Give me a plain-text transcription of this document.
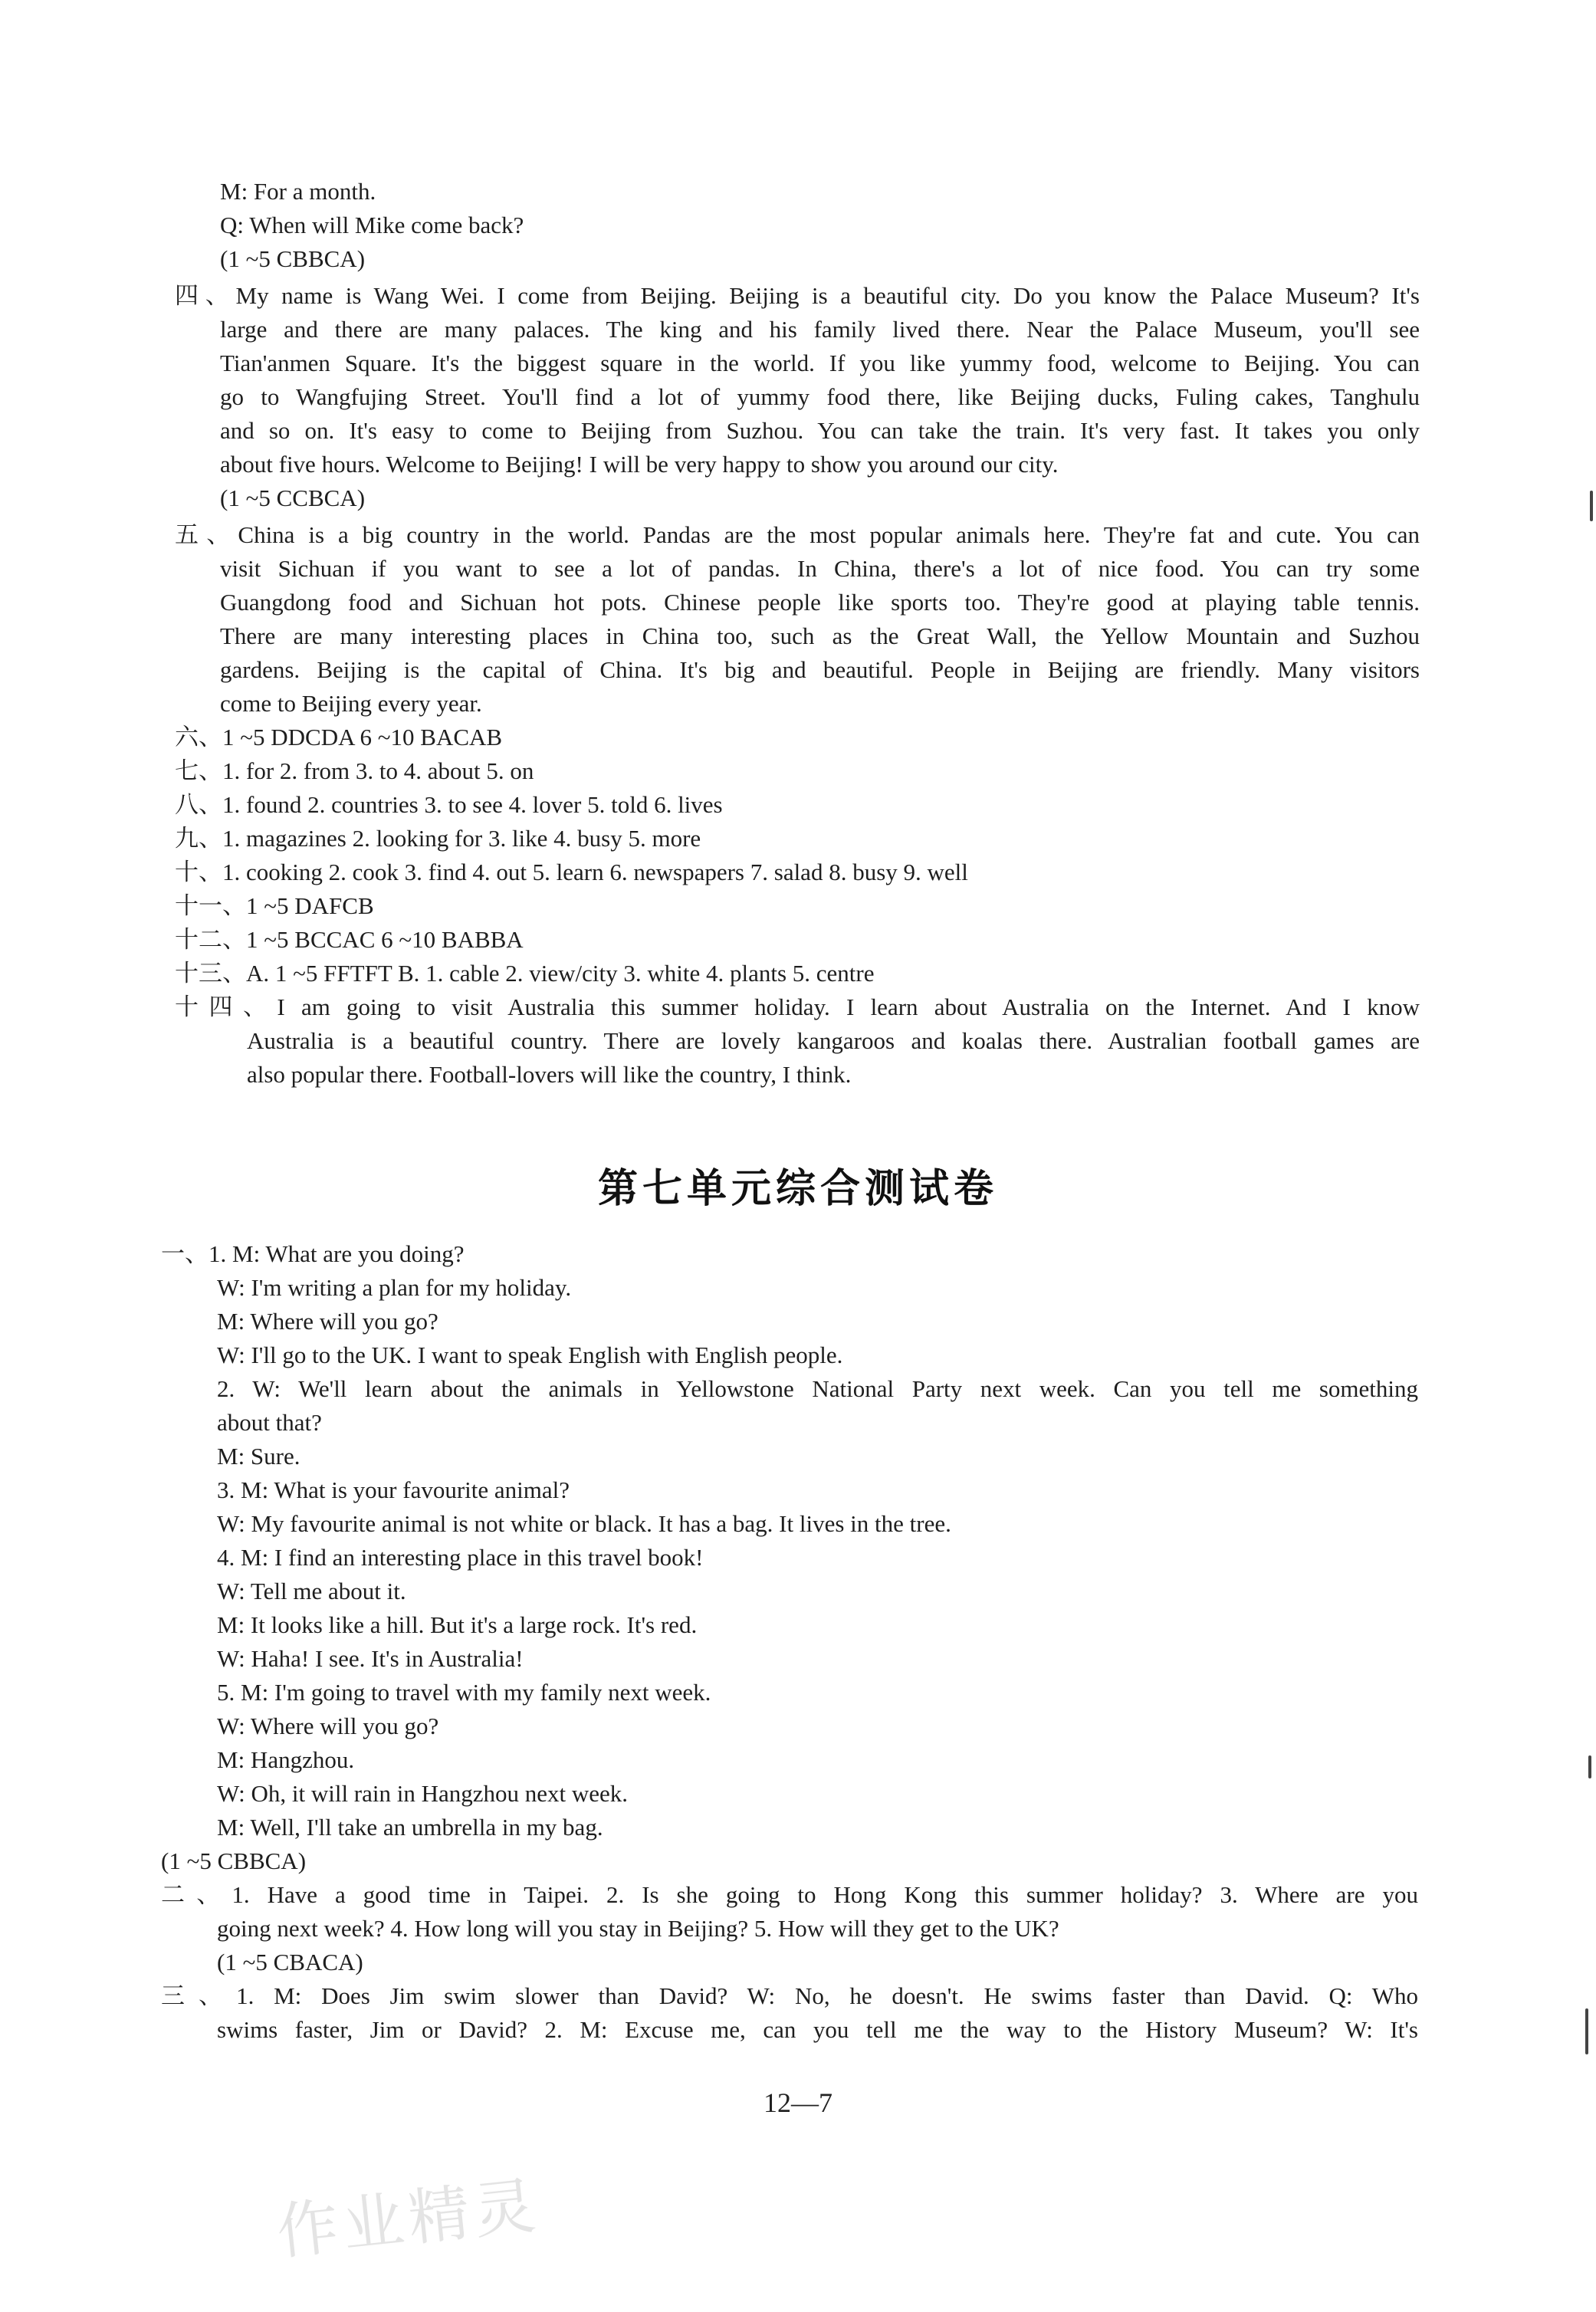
M: For a month.
Q: When will Mike come back?
(1 ~5 CBBCA)
四、My name is Wang Wei. I come from Beijing. Beijing is a beautiful city. Do you know the Palace Museum? It's
large and there are many palaces. The king and his family lived there. Near the Palace Museum, you'll see
Tian'anmen Square. It's the biggest square in the world. If you like yummy food, welcome to Beijing. You can
go to Wangfujing Street. You'll find a lot of yummy food there, like Beijing ducks, Fuling cakes, Tanghulu
and so on. It's easy to come to Beijing from Suzhou. You can take the train. It's very fast. It takes you only
about five hours. Welcome to Beijing! I will be very happy to show you around our city.
(1 ~5 CCBCA)
五、China is a big country in the world. Pandas are the most popular animals here. They're fat and cute. You can
visit Sichuan if you want to see a lot of pandas. In China, there's a lot of nice food. You can try some
Guangdong food and Sichuan hot pots. Chinese people like sports too. They're good at playing table tennis.
There are many interesting places in China too, such as the Great Wall, the Yellow Mountain and Suzhou
gardens. Beijing is the capital of China. It's big and beautiful. People in Beijing are friendly. Many visitors
come to Beijing every year.
六、1 ~5 DDCDA 6 ~10 BACAB
七、1. for 2. from 3. to 4. about 5. on
八、1. found 2. countries 3. to see 4. lover 5. told 6. lives
九、1. magazines 2. looking for 3. like 4. busy 5. more
十、1. cooking 2. cook 3. find 4. out 5. learn 6. newspapers 7. salad 8. busy 9. well
十一、1 ~5 DAFCB
十二、1 ~5 BCCAC 6 ~10 BABBA
十三、A. 1 ~5 FFTFT B. 1. cable 2. view/city 3. white 4. plants 5. centre
十四、I am going to visit Australia this summer holiday. I learn about Australia on the Internet. And I know
Australia is a beautiful country. There are lovely kangaroos and koalas there. Australian football games are
also popular there. Football-lovers will like the country, I think.
一、1. M: What are you doing?
W: I'm writing a plan for my holiday.
M: Where will you go?
W: I'll go to the UK. I want to speak English with English people.
2. W: We'll learn about the animals in Yellowstone National Party next week. Can you tell me something
about that?
M: Sure.
3. M: What is your favourite animal?
W: My favourite animal is not white or black. It has a bag. It lives in the tree.
4. M: I find an interesting place in this travel book!
W: Tell me about it.
M: It looks like a hill. But it's a large rock. It's red.
W: Haha! I see. It's in Australia!
5. M: I'm going to travel with my family next week.
W: Where will you go?
M: Hangzhou.
W: Oh, it will rain in Hangzhou next week.
M: Well, I'll take an umbrella in my bag.
(1 ~5 CBBCA)
二、1. Have a good time in Taipei. 2. Is she going to Hong Kong this summer holiday? 3. Where are you
going next week? 4. How long will you stay in Beijing? 5. How will they get to the UK?
(1 ~5 CBACA)
三、1. M: Does Jim swim slower than David? W: No, he doesn't. He swims faster than David. Q: Who
swims faster, Jim or David? 2. M: Excuse me, can you tell me the way to the History Museum? W: It's
第七单元综合测试卷
12—7
作业精灵
